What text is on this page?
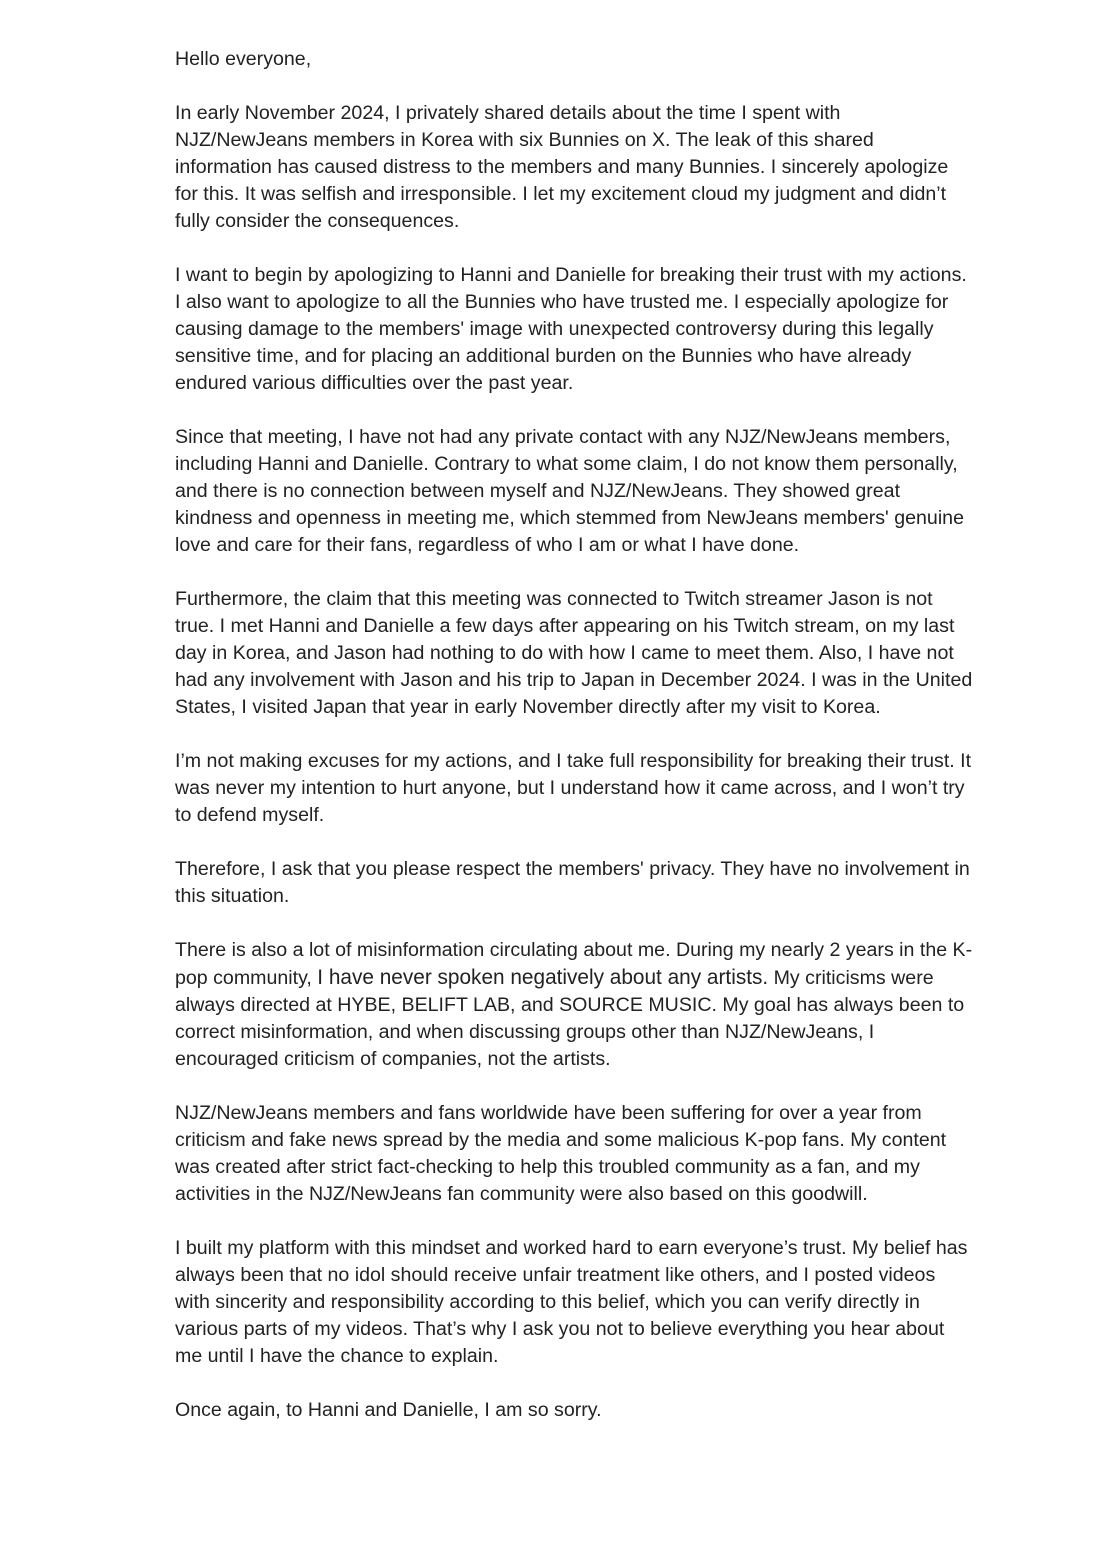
Hello everyone,

In early November 2024, I privately shared details about the time I spent with NJZ/NewJeans members in Korea with six Bunnies on X. The leak of this shared information has caused distress to the members and many Bunnies. I sincerely apologize for this. It was selfish and irresponsible. I let my excitement cloud my judgment and didn’t fully consider the consequences.

I want to begin by apologizing to Hanni and Danielle for breaking their trust with my actions. I also want to apologize to all the Bunnies who have trusted me. I especially apologize for causing damage to the members' image with unexpected controversy during this legally sensitive time, and for placing an additional burden on the Bunnies who have already endured various difficulties over the past year.

Since that meeting, I have not had any private contact with any NJZ/NewJeans members, including Hanni and Danielle. Contrary to what some claim, I do not know them personally, and there is no connection between myself and NJZ/NewJeans. They showed great kindness and openness in meeting me, which stemmed from NewJeans members' genuine love and care for their fans, regardless of who I am or what I have done.

Furthermore, the claim that this meeting was connected to Twitch streamer Jason is not true. I met Hanni and Danielle a few days after appearing on his Twitch stream, on my last day in Korea, and Jason had nothing to do with how I came to meet them. Also, I have not had any involvement with Jason and his trip to Japan in December 2024. I was in the United States, I visited Japan that year in early November directly after my visit to Korea.

I’m not making excuses for my actions, and I take full responsibility for breaking their trust. It was never my intention to hurt anyone, but I understand how it came across, and I won’t try to defend myself.

Therefore, I ask that you please respect the members' privacy. They have no involvement in this situation.

There is also a lot of misinformation circulating about me. During my nearly 2 years in the K-pop community, I have never spoken negatively about any artists. My criticisms were always directed at HYBE, BELIFT LAB, and SOURCE MUSIC. My goal has always been to correct misinformation, and when discussing groups other than NJZ/NewJeans, I encouraged criticism of companies, not the artists.

NJZ/NewJeans members and fans worldwide have been suffering for over a year from criticism and fake news spread by the media and some malicious K-pop fans. My content was created after strict fact-checking to help this troubled community as a fan, and my activities in the NJZ/NewJeans fan community were also based on this goodwill.

I built my platform with this mindset and worked hard to earn everyone’s trust. My belief has always been that no idol should receive unfair treatment like others, and I posted videos with sincerity and responsibility according to this belief, which you can verify directly in various parts of my videos. That’s why I ask you not to believe everything you hear about me until I have the chance to explain.

Once again, to Hanni and Danielle, I am so sorry.
